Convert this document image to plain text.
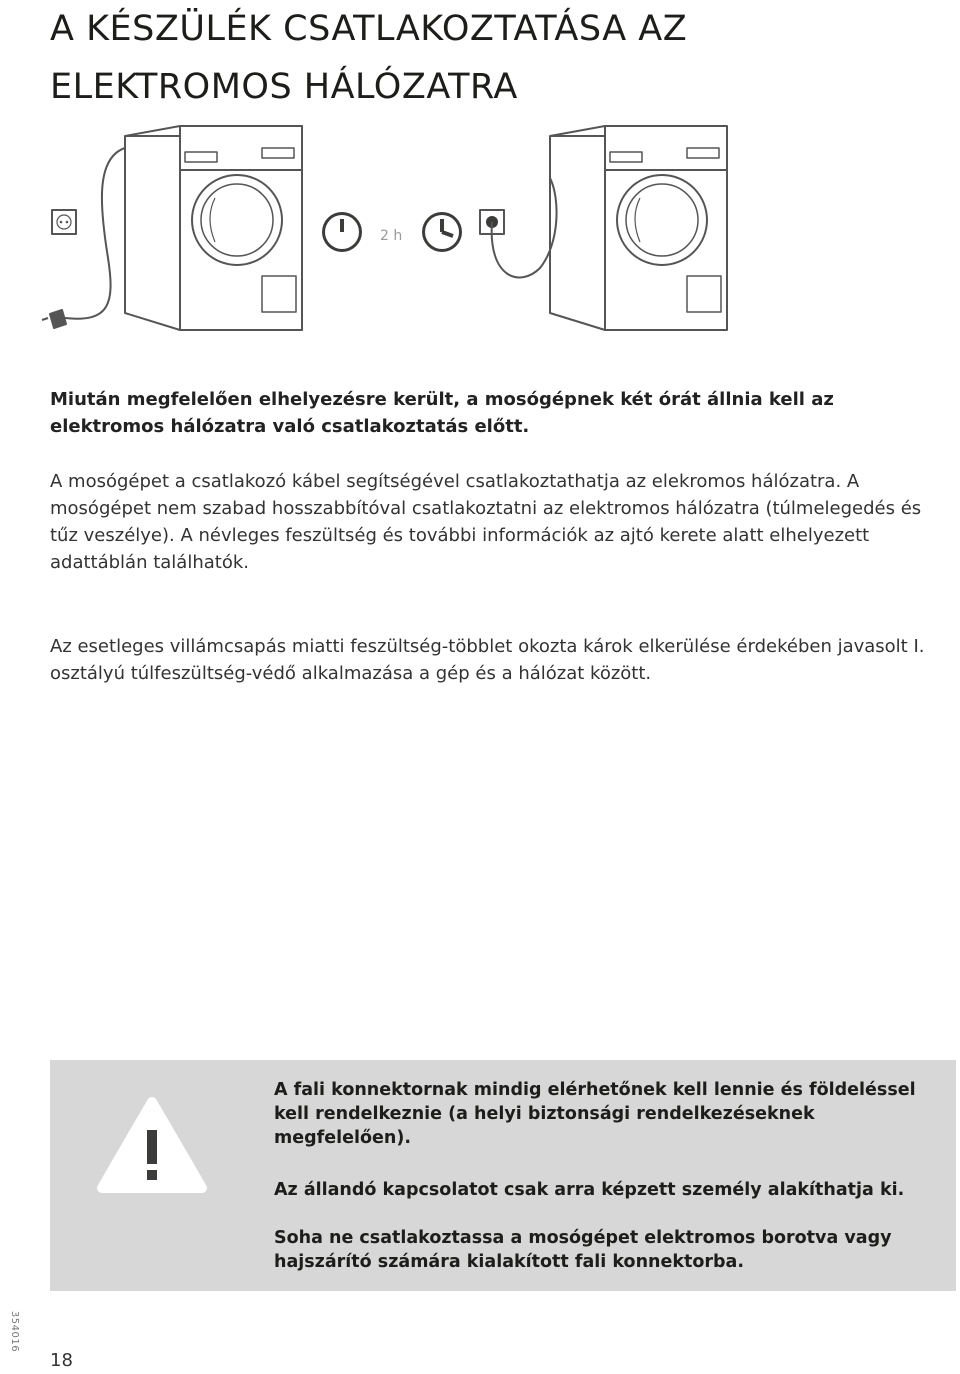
A KÉSZÜLÉK CSATLAKOZTATÁSA AZ ELEKTROMOS HÁLÓZATRA
2 h

Miután megfelelően elhelyezésre került, a mosógépnek két órát állnia kell az elektromos hálózatra való csatlakoztatás előtt.

A mosógépet a csatlakozó kábel segítségével csatlakoztathatja az elekromos hálózatra. A mosógépet nem szabad hosszabbítóval csatlakoztatni az elektromos hálózatra (túlmelegedés és tűz veszélye). A névleges feszültség és további információk az ajtó kerete alatt elhelyezett adattáblán találhatók.

Az esetleges villámcsapás miatti feszültség-többlet okozta károk elkerülése érdekében javasolt I. osztályú túlfeszültség-védő alkalmazása a gép és a hálózat között.

A fali konnektornak mindig elérhetőnek kell lennie és földeléssel kell rendelkeznie (a helyi biztonsági rendelkezéseknek megfelelően).

Az állandó kapcsolatot csak arra képzett személy alakíthatja ki.

Soha ne csatlakoztassa a mosógépet elektromos borotva vagy hajszárító számára kialakított fali konnektorba.

354016
18
